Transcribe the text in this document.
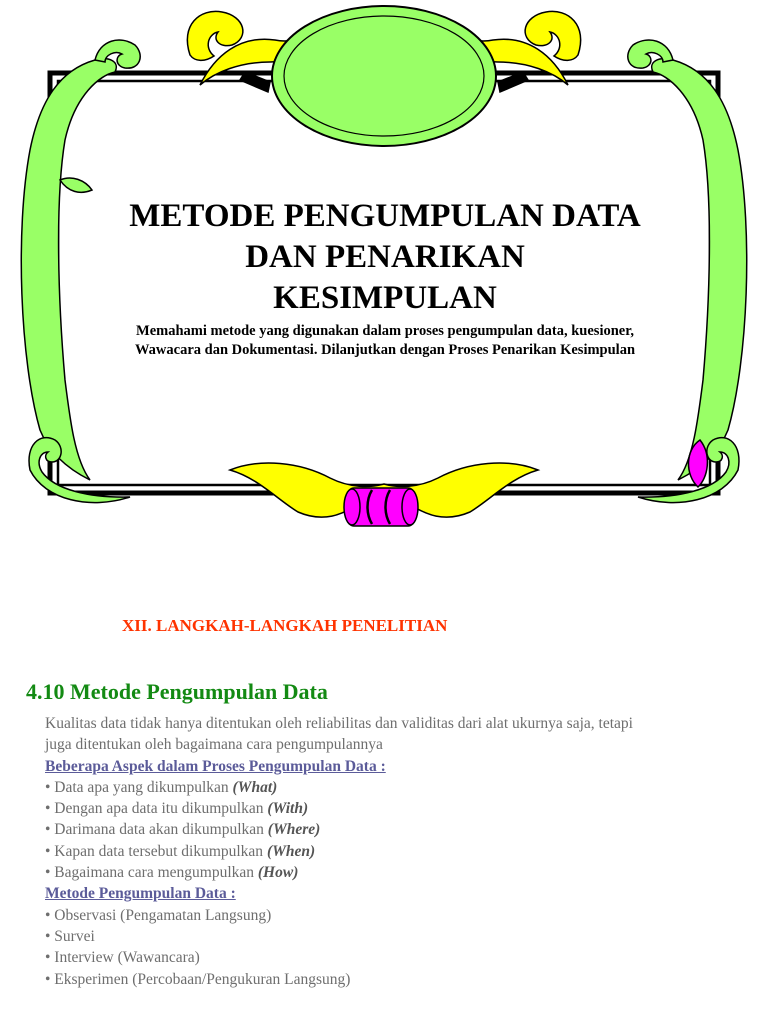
METODE PENGUMPULAN DATA
DAN PENARIKAN
KESIMPULAN
Memahami metode yang digunakan dalam proses pengumpulan data, kuesioner,
Wawacara dan Dokumentasi. Dilanjutkan dengan Proses Penarikan Kesimpulan
XII. LANGKAH-LANGKAH PENELITIAN
4.10 Metode Pengumpulan Data

Kualitas data tidak hanya ditentukan oleh reliabilitas dan validitas dari alat ukurnya saja, tetapi

juga ditentukan oleh bagaimana cara pengumpulannya

Beberapa Aspek dalam Proses Pengumpulan Data :

• Data apa yang dikumpulkan (What)

• Dengan apa data itu dikumpulkan (With)

• Darimana data akan dikumpulkan (Where)

• Kapan data tersebut dikumpulkan (When)

• Bagaimana cara mengumpulkan (How)

Metode Pengumpulan Data :

• Observasi (Pengamatan Langsung)

• Survei

• Interview (Wawancara)

• Eksperimen (Percobaan/Pengukuran Langsung)
